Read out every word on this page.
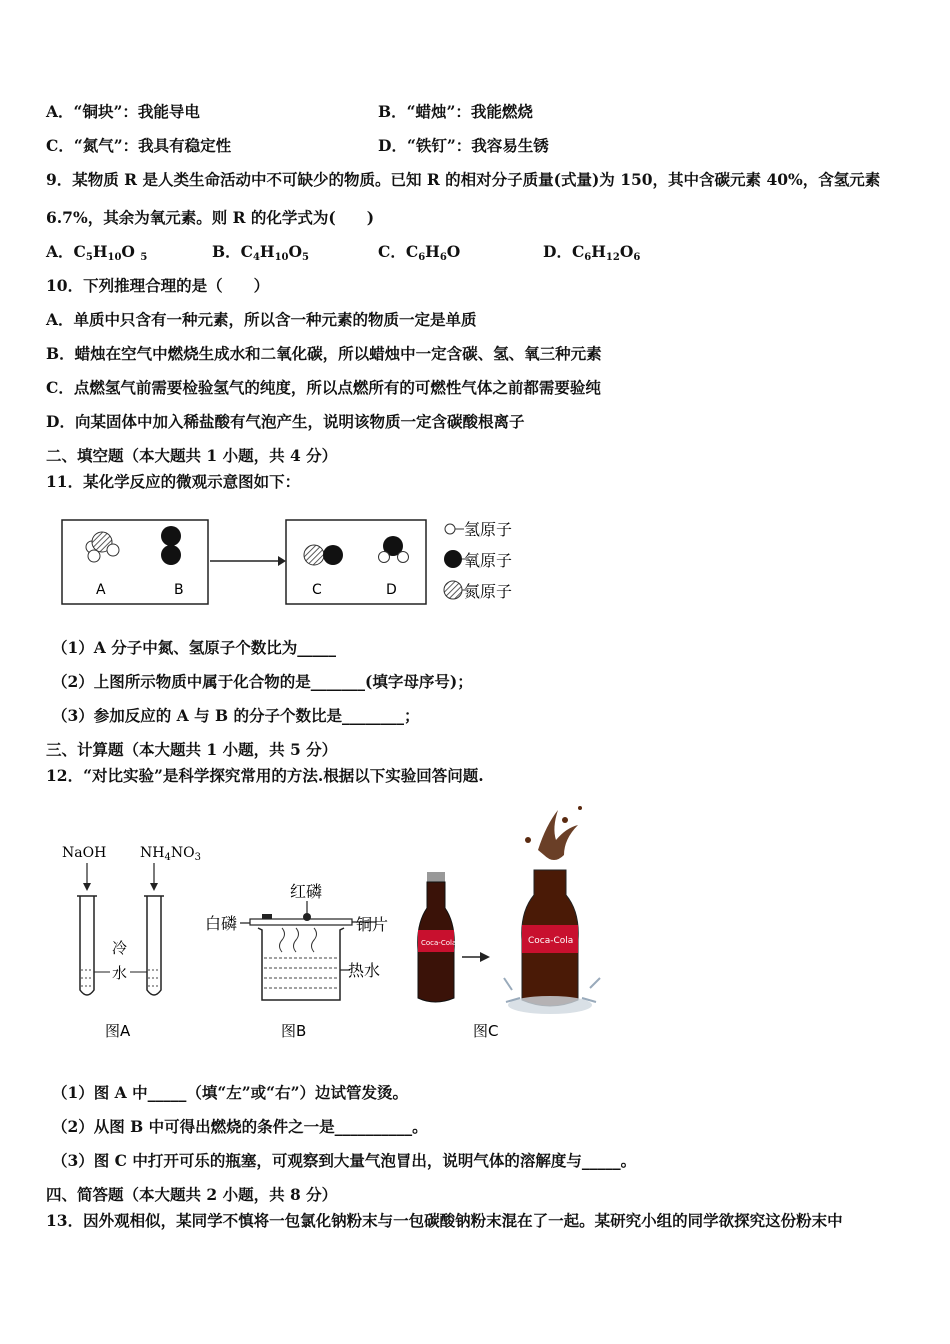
A．“铜块”：我能导电	B．“蜡烛”：我能燃烧
C．“氮气”：我具有稳定性	D．“铁钉”：我容易生锈
9．某物质 R 是人类生命活动中不可缺少的物质。已知 R 的相对分子质量(式量)为 150，其中含碳元素 40%，含氢元素
6.7%，其余为氧元素。则 R 的化学式为(　　)
A．$C_5H_{10}O$ $_5$	B．$C_4H_{10}O_5$	C．$C_6H_6O$	D．$C_6H_{12}O_6$
10．下列推理合理的是（　　）
A．单质中只含有一种元素，所以含一种元素的物质一定是单质
B．蜡烛在空气中燃烧生成水和二氧化碳，所以蜡烛中一定含碳、氢、氧三种元素
C．点燃氢气前需要检验氢气的纯度，所以点燃所有的可燃性气体之前都需要验纯
D．向某固体中加入稀盐酸有气泡产生，说明该物质一定含碳酸根离子
二、填空题（本大题共 1 小题，共 4 分）
11．某化学反应的微观示意图如下：
A	B	C	D
氢原子
氧原子
氮原子
（1）A 分子中氮、氢原子个数比为_____
（2）上图所示物质中属于化合物的是_______(填字母序号)；
（3）参加反应的 A 与 B 的分子个数比是________；
三、计算题（本大题共 1 小题，共 5 分）
12．“对比实验”是科学探究常用的方法.根据以下实验回答问题.
NaOH $NH_4NO_3$
冷
水
图A
红磷
白磷	铜片
热水
图B
Coca-Cola	Coca-Cola
图C
（1）图 A 中_____（填“左”或“右”）边试管发烫。
（2）从图 B 中可得出燃烧的条件之一是__________。
（3）图 C 中打开可乐的瓶塞，可观察到大量气泡冒出，说明气体的溶解度与_____。
四、简答题（本大题共 2 小题，共 8 分）
13．因外观相似，某同学不慎将一包氯化钠粉末与一包碳酸钠粉末混在了一起。某研究小组的同学欲探究这份粉末中
